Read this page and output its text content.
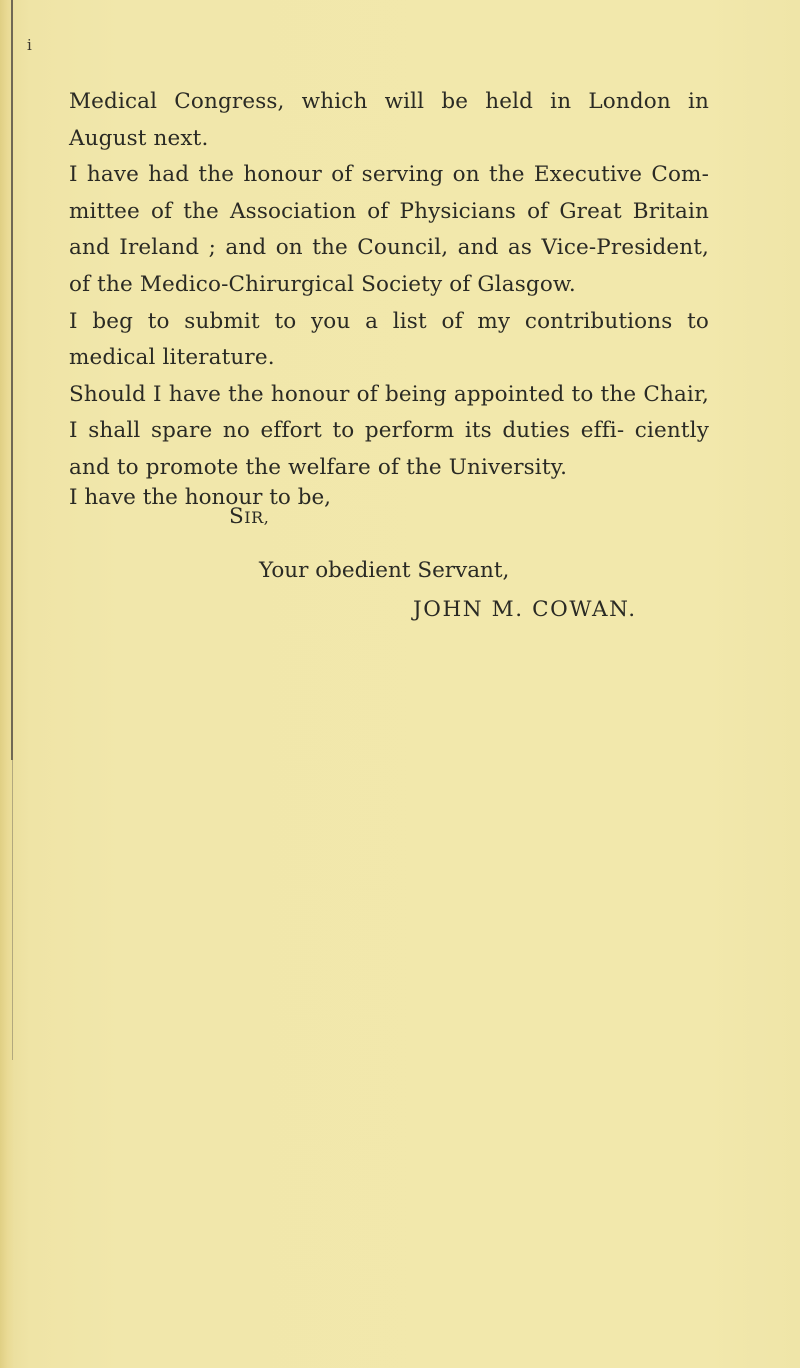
i

Medical Congress, which will be held in London in August next.

I have had the honour of serving on the Executive Com- mittee of the Association of Physicians of Great Britain and Ireland ; and on the Council, and as Vice-President, of the Medico-Chirurgical Society of Glasgow.

I beg to submit to you a list of my contributions to medical literature.

Should I have the honour of being appointed to the Chair, I shall spare no effort to perform its duties effi- ciently and to promote the welfare of the University.

I have the honour to be,
SIR,
Your obedient Servant,
JOHN M. COWAN.
